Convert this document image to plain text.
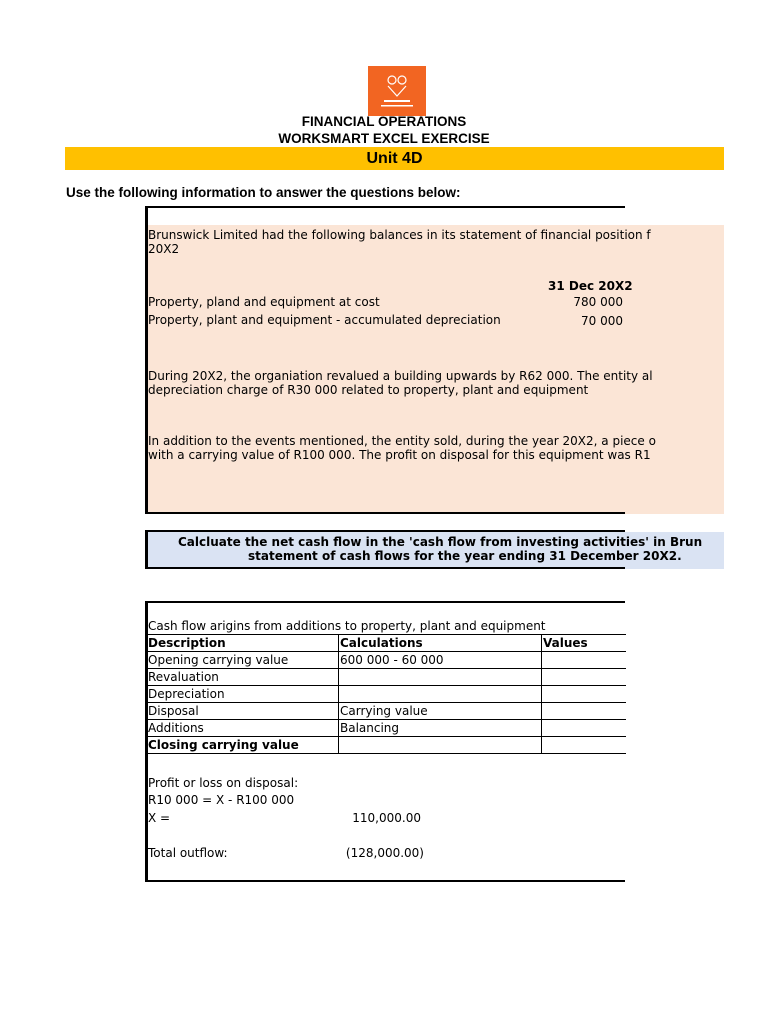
FINANCIAL OPERATIONS
WORKSMART EXCEL EXERCISE
Unit 4D
Use the following information to answer the questions below:
Brunswick Limited had the following balances in its statement of financial position f
20X2
31 Dec 20X2
Property, pland and equipment at cost	780 000
Property, plant and equipment - accumulated depreciation	70 000
During 20X2, the organiation revalued a building upwards by R62 000. The entity al
depreciation charge of R30 000 related to property, plant and equipment
In addition to the events mentioned, the entity sold, during the year 20X2, a piece o
with a carrying value of R100 000. The profit on disposal for this equipment was R1
Calcluate the net cash flow in the 'cash flow from investing activities' in Brun
statement of cash flows for the year ending 31 December 20X2.
Cash flow arigins from additions to property, plant and equipment
Description	Calculations	Values
Opening carrying value	600 000 - 60 000	
Revaluation		
Depreciation		
Disposal	Carrying value	
Additions	Balancing	
Closing carrying value		
Profit or loss on disposal:
R10 000 = X - R100 000
X =	110,000.00
Total outflow:	(128,000.00)
